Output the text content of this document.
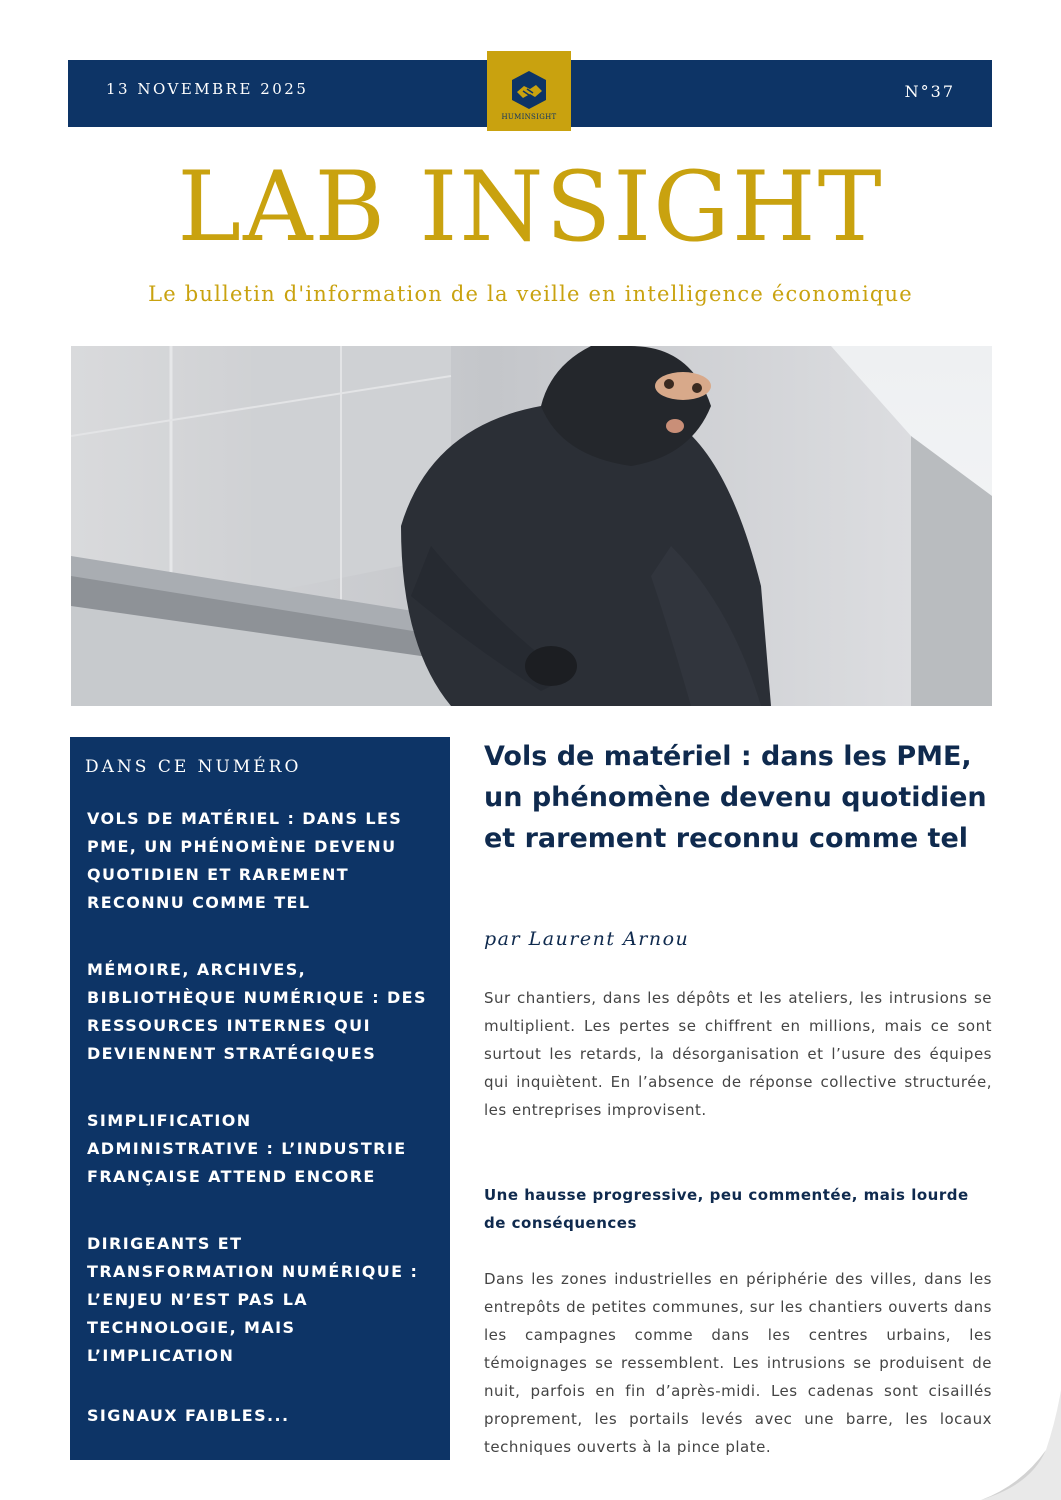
13 NOVEMBRE 2025	N°37
HUMINSIGHT
LAB INSIGHT
Le bulletin d'information de la veille en intelligence économique
DANS CE NUMÉRO
VOLS DE MATÉRIEL : DANS LES PME, UN PHÉNOMÈNE DEVENU QUOTIDIEN ET RAREMENT RECONNU COMME TEL
MÉMOIRE, ARCHIVES, BIBLIOTHÈQUE NUMÉRIQUE : DES RESSOURCES INTERNES QUI DEVIENNENT STRATÉGIQUES
SIMPLIFICATION ADMINISTRATIVE : L’INDUSTRIE FRANÇAISE ATTEND ENCORE
DIRIGEANTS ET TRANSFORMATION NUMÉRIQUE : L’ENJEU N’EST PAS LA TECHNOLOGIE, MAIS L’IMPLICATION
SIGNAUX FAIBLES...
Vols de matériel : dans les PME, un phénomène devenu quotidien et rarement reconnu comme tel
par Laurent Arnou
Sur chantiers, dans les dépôts et les ateliers, les intrusions se multiplient. Les pertes se chiffrent en millions, mais ce sont surtout les retards, la désorganisation et l’usure des équipes qui inquiètent. En l’absence de réponse collective structurée, les entreprises improvisent.
Une hausse progressive, peu commentée, mais lourde de conséquences
Dans les zones industrielles en périphérie des villes, dans les entrepôts de petites communes, sur les chantiers ouverts dans les campagnes comme dans les centres urbains, les témoignages se ressemblent. Les intrusions se produisent de nuit, parfois en fin d’après-midi. Les cadenas sont cisaillés proprement, les portails levés avec une barre, les locaux techniques ouverts à la pince plate.
